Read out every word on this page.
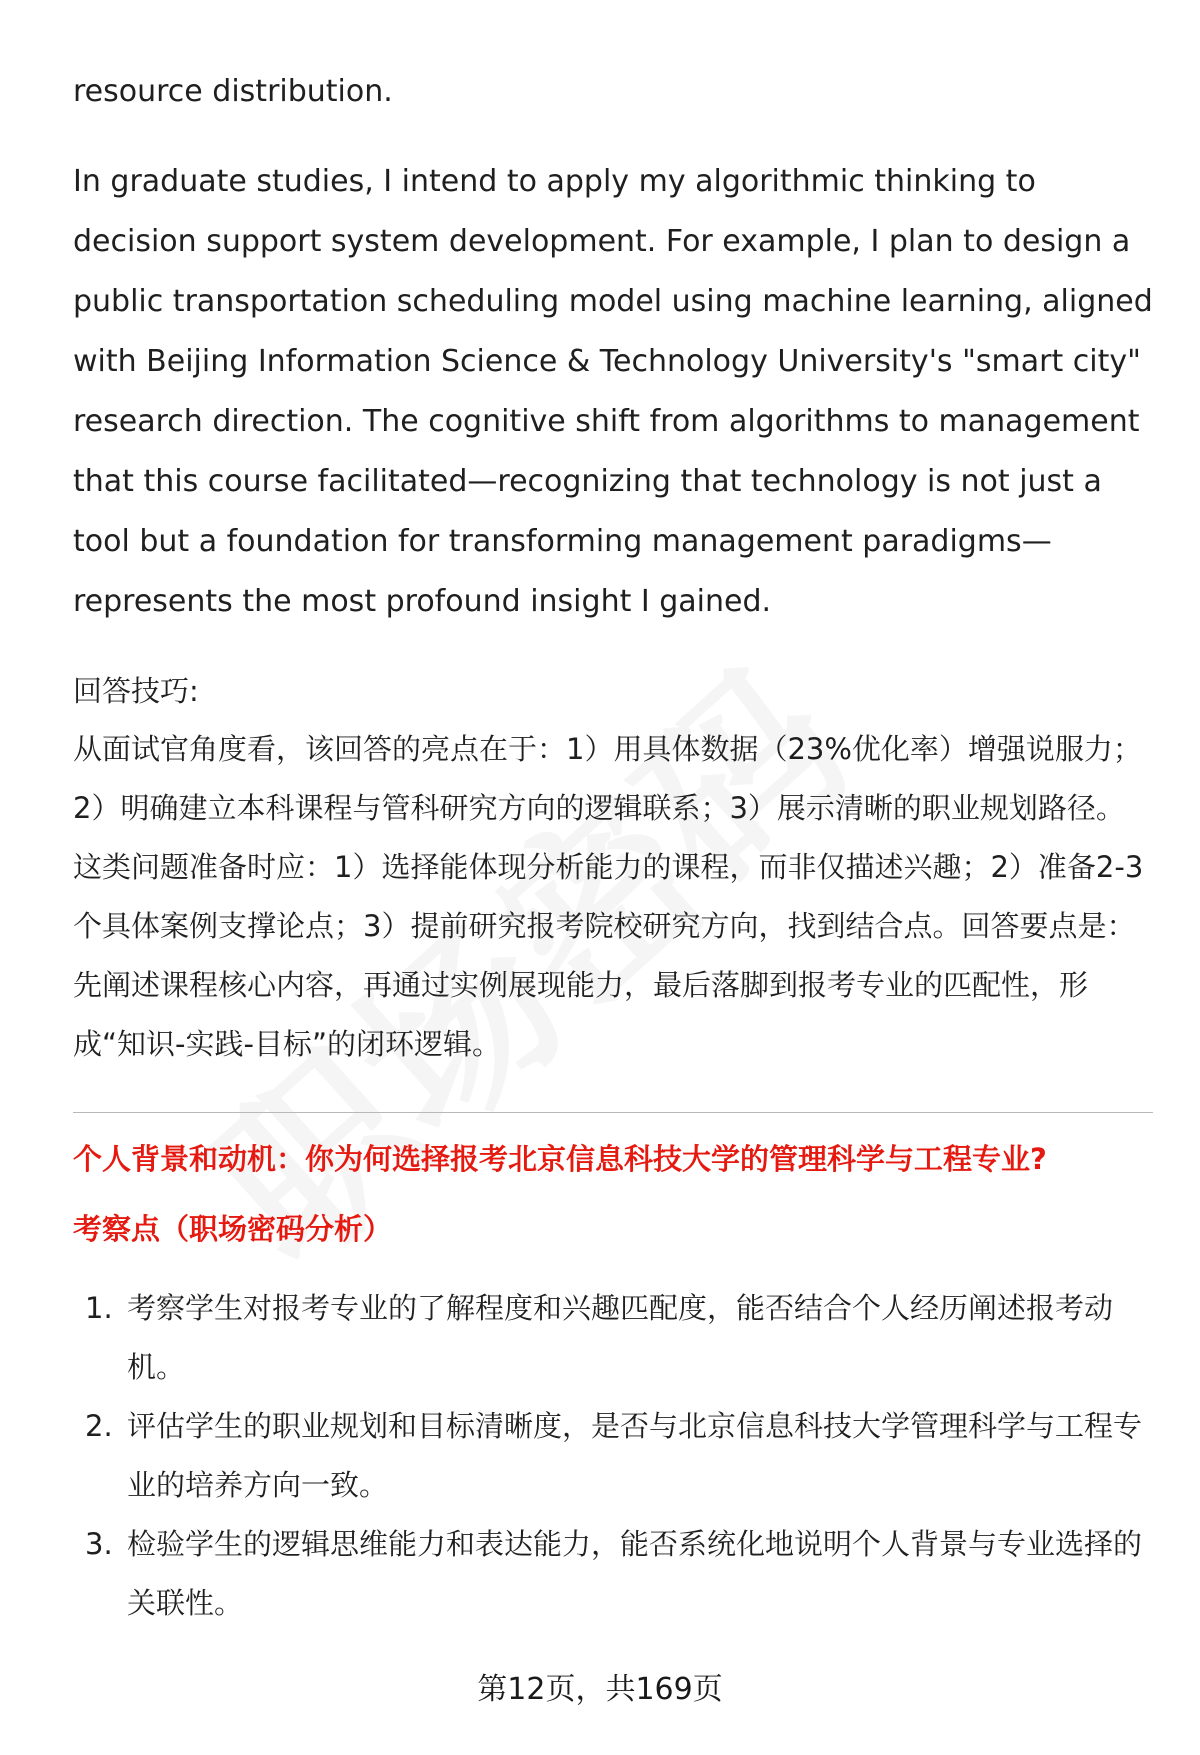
resource distribution.

In graduate studies, I intend to apply my algorithmic thinking to decision support system development. For example, I plan to design a public transportation scheduling model using machine learning, aligned with Beijing Information Science & Technology University's "smart city" research direction. The cognitive shift from algorithms to management that this course facilitated—recognizing that technology is not just a tool but a foundation for transforming management paradigms—represents the most profound insight I gained.

回答技巧:

从面试官角度看，该回答的亮点在于：1）用具体数据（23%优化率）增强说服力；2）明确建立本科课程与管科研究方向的逻辑联系；3）展示清晰的职业规划路径。这类问题准备时应：1）选择能体现分析能力的课程，而非仅描述兴趣；2）准备2-3个具体案例支撑论点；3）提前研究报考院校研究方向，找到结合点。回答要点是：先阐述课程核心内容，再通过实例展现能力，最后落脚到报考专业的匹配性，形成“知识-实践-目标”的闭环逻辑。

个人背景和动机：你为何选择报考北京信息科技大学的管理科学与工程专业?

考察点（职场密码分析）

1. 考察学生对报考专业的了解程度和兴趣匹配度，能否结合个人经历阐述报考动机。
2. 评估学生的职业规划和目标清晰度，是否与北京信息科技大学管理科学与工程专业的培养方向一致。
3. 检验学生的逻辑思维能力和表达能力，能否系统化地说明个人背景与专业选择的关联性。
第12页，共169页
